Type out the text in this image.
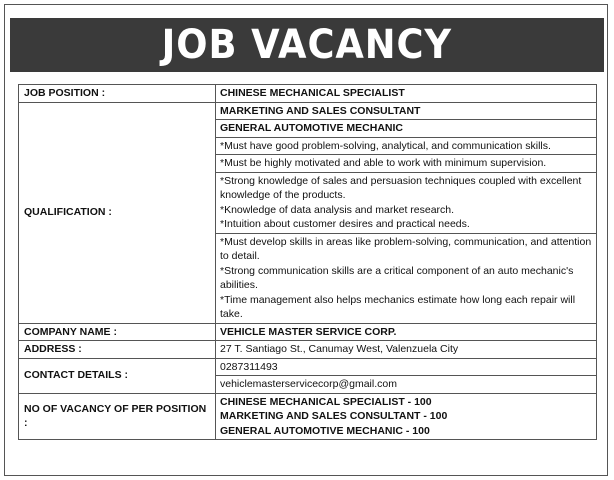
JOB VACANCY
JOB POSITION :	CHINESE MECHANICAL SPECIALIST
QUALIFICATION :	MARKETING AND SALES CONSULTANT
	GENERAL AUTOMOTIVE MECHANIC

	*Must have good problem-solving, analytical, and communication skills.

	*Must be highly motivated and able to work with minimum supervision.

	*Strong knowledge of sales and persuasion techniques coupled with excellent knowledge of the products.
*Knowledge of data analysis and market research.
*Intuition about customer desires and practical needs.

	*Must develop skills in areas like problem-solving, communication, and attention to detail.
*Strong communication skills are a critical component of an auto mechanic's abilities.
*Time management also helps mechanics estimate how long each repair will take.

COMPANY NAME :	VEHICLE MASTER SERVICE CORP.
ADDRESS :	27 T. Santiago St., Canumay West, Valenzuela City
CONTACT DETAILS :	0287311493
	vehiclemasterservicecorp@gmail.com
NO OF VACANCY OF PER POSITION :	CHINESE MECHANICAL SPECIALIST - 100
MARKETING AND SALES CONSULTANT - 100
GENERAL AUTOMOTIVE MECHANIC - 100
